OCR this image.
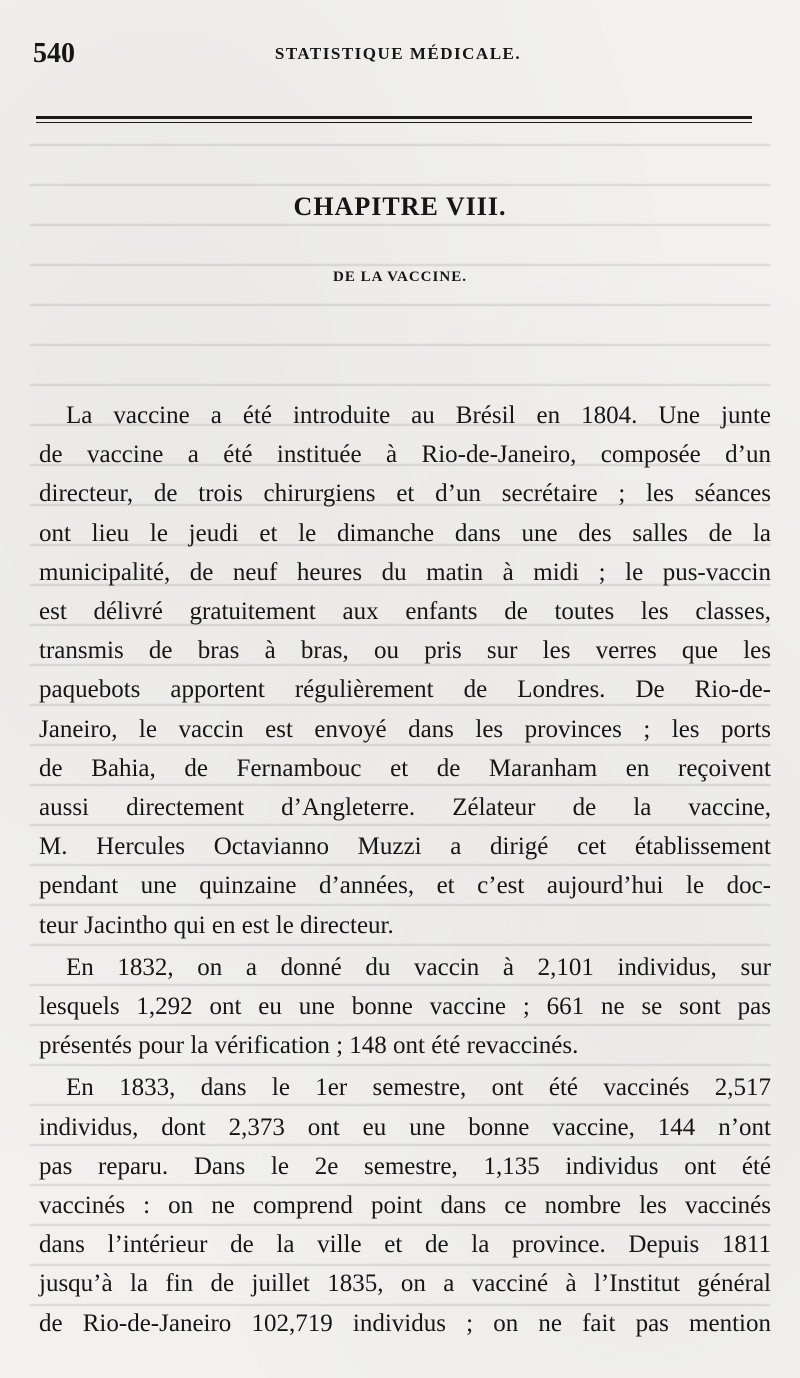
540	STATISTIQUE MÉDICALE.
CHAPITRE VIII.
DE LA VACCINE.
La vaccine a été introduite au Brésil en 1804. Une junte
de vaccine a été instituée à Rio-de-Janeiro, composée d’un
directeur, de trois chirurgiens et d’un secrétaire ; les séances
ont lieu le jeudi et le dimanche dans une des salles de la
municipalité, de neuf heures du matin à midi ; le pus-vaccin
est délivré gratuitement aux enfants de toutes les classes,
transmis de bras à bras, ou pris sur les verres que les
paquebots apportent régulièrement de Londres. De Rio-de-
Janeiro, le vaccin est envoyé dans les provinces ; les ports
de Bahia, de Fernambouc et de Maranham en reçoivent
aussi directement d’Angleterre. Zélateur de la vaccine,
M. Hercules Octavianno Muzzi a dirigé cet établissement
pendant une quinzaine d’années, et c’est aujourd’hui le doc-
teur Jacintho qui en est le directeur.
En 1832, on a donné du vaccin à 2,101 individus, sur
lesquels 1,292 ont eu une bonne vaccine ; 661 ne se sont pas
présentés pour la vérification ; 148 ont été revaccinés.
En 1833, dans le 1er semestre, ont été vaccinés 2,517
individus, dont 2,373 ont eu une bonne vaccine, 144 n’ont
pas reparu. Dans le 2e semestre, 1,135 individus ont été
vaccinés : on ne comprend point dans ce nombre les vaccinés
dans l’intérieur de la ville et de la province. Depuis 1811
jusqu’à la fin de juillet 1835, on a vacciné à l’Institut général
de Rio-de-Janeiro 102,719 individus ; on ne fait pas mention
